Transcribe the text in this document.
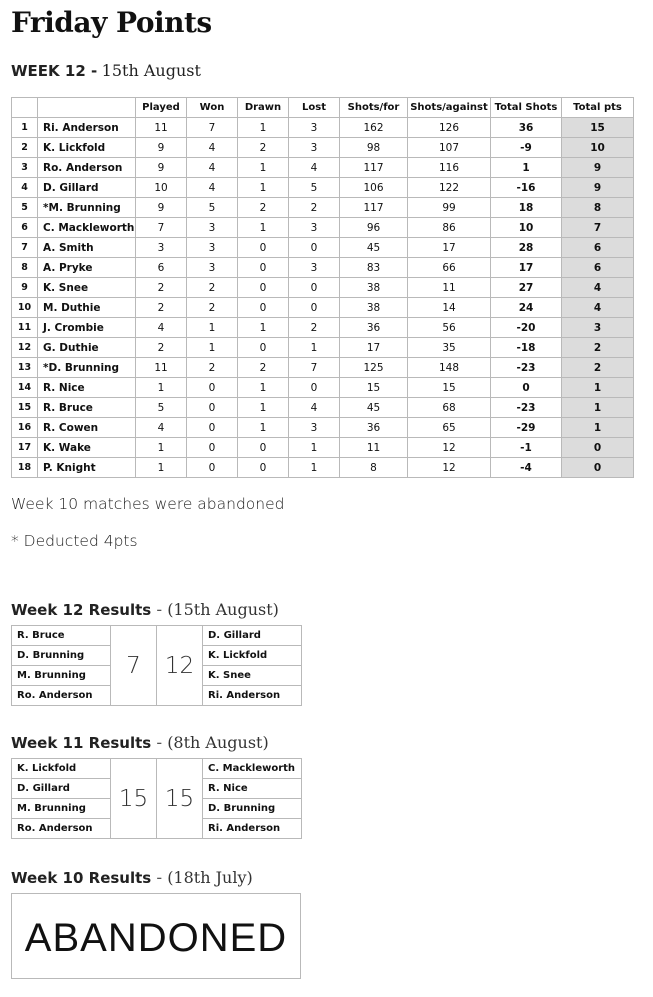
Friday Points
WEEK 12 - 15th August
		Played	Won	Drawn	Lost	Shots/for	Shots/against	Total Shots	Total pts
1	Ri. Anderson	11	7	1	3	162	126	36	15
2	K. Lickfold	9	4	2	3	98	107	-9	10
3	Ro. Anderson	9	4	1	4	117	116	1	9
4	D. Gillard	10	4	1	5	106	122	-16	9
5	*M. Brunning	9	5	2	2	117	99	18	8
6	C. Mackleworth	7	3	1	3	96	86	10	7
7	A. Smith	3	3	0	0	45	17	28	6
8	A. Pryke	6	3	0	3	83	66	17	6
9	K. Snee	2	2	0	0	38	11	27	4
10	M. Duthie	2	2	0	0	38	14	24	4
11	J. Crombie	4	1	1	2	36	56	-20	3
12	G. Duthie	2	1	0	1	17	35	-18	2
13	*D. Brunning	11	2	2	7	125	148	-23	2
14	R. Nice	1	0	1	0	15	15	0	1
15	R. Bruce	5	0	1	4	45	68	-23	1
16	R. Cowen	4	0	1	3	36	65	-29	1
17	K. Wake	1	0	0	1	11	12	-1	0
18	P. Knight	1	0	0	1	8	12	-4	0
Week 10 matches were abandoned
* Deducted 4pts
Week 12 Results - (15th August)
R. Bruce	7	12	D. Gillard
D. Brunning			K. Lickfold
M. Brunning			K. Snee
Ro. Anderson			Ri. Anderson
Week 11 Results - (8th August)
K. Lickfold	15	15	C. Mackleworth
D. Gillard			R. Nice
M. Brunning			D. Brunning
Ro. Anderson			Ri. Anderson
Week 10 Results - (18th July)
ABANDONED
